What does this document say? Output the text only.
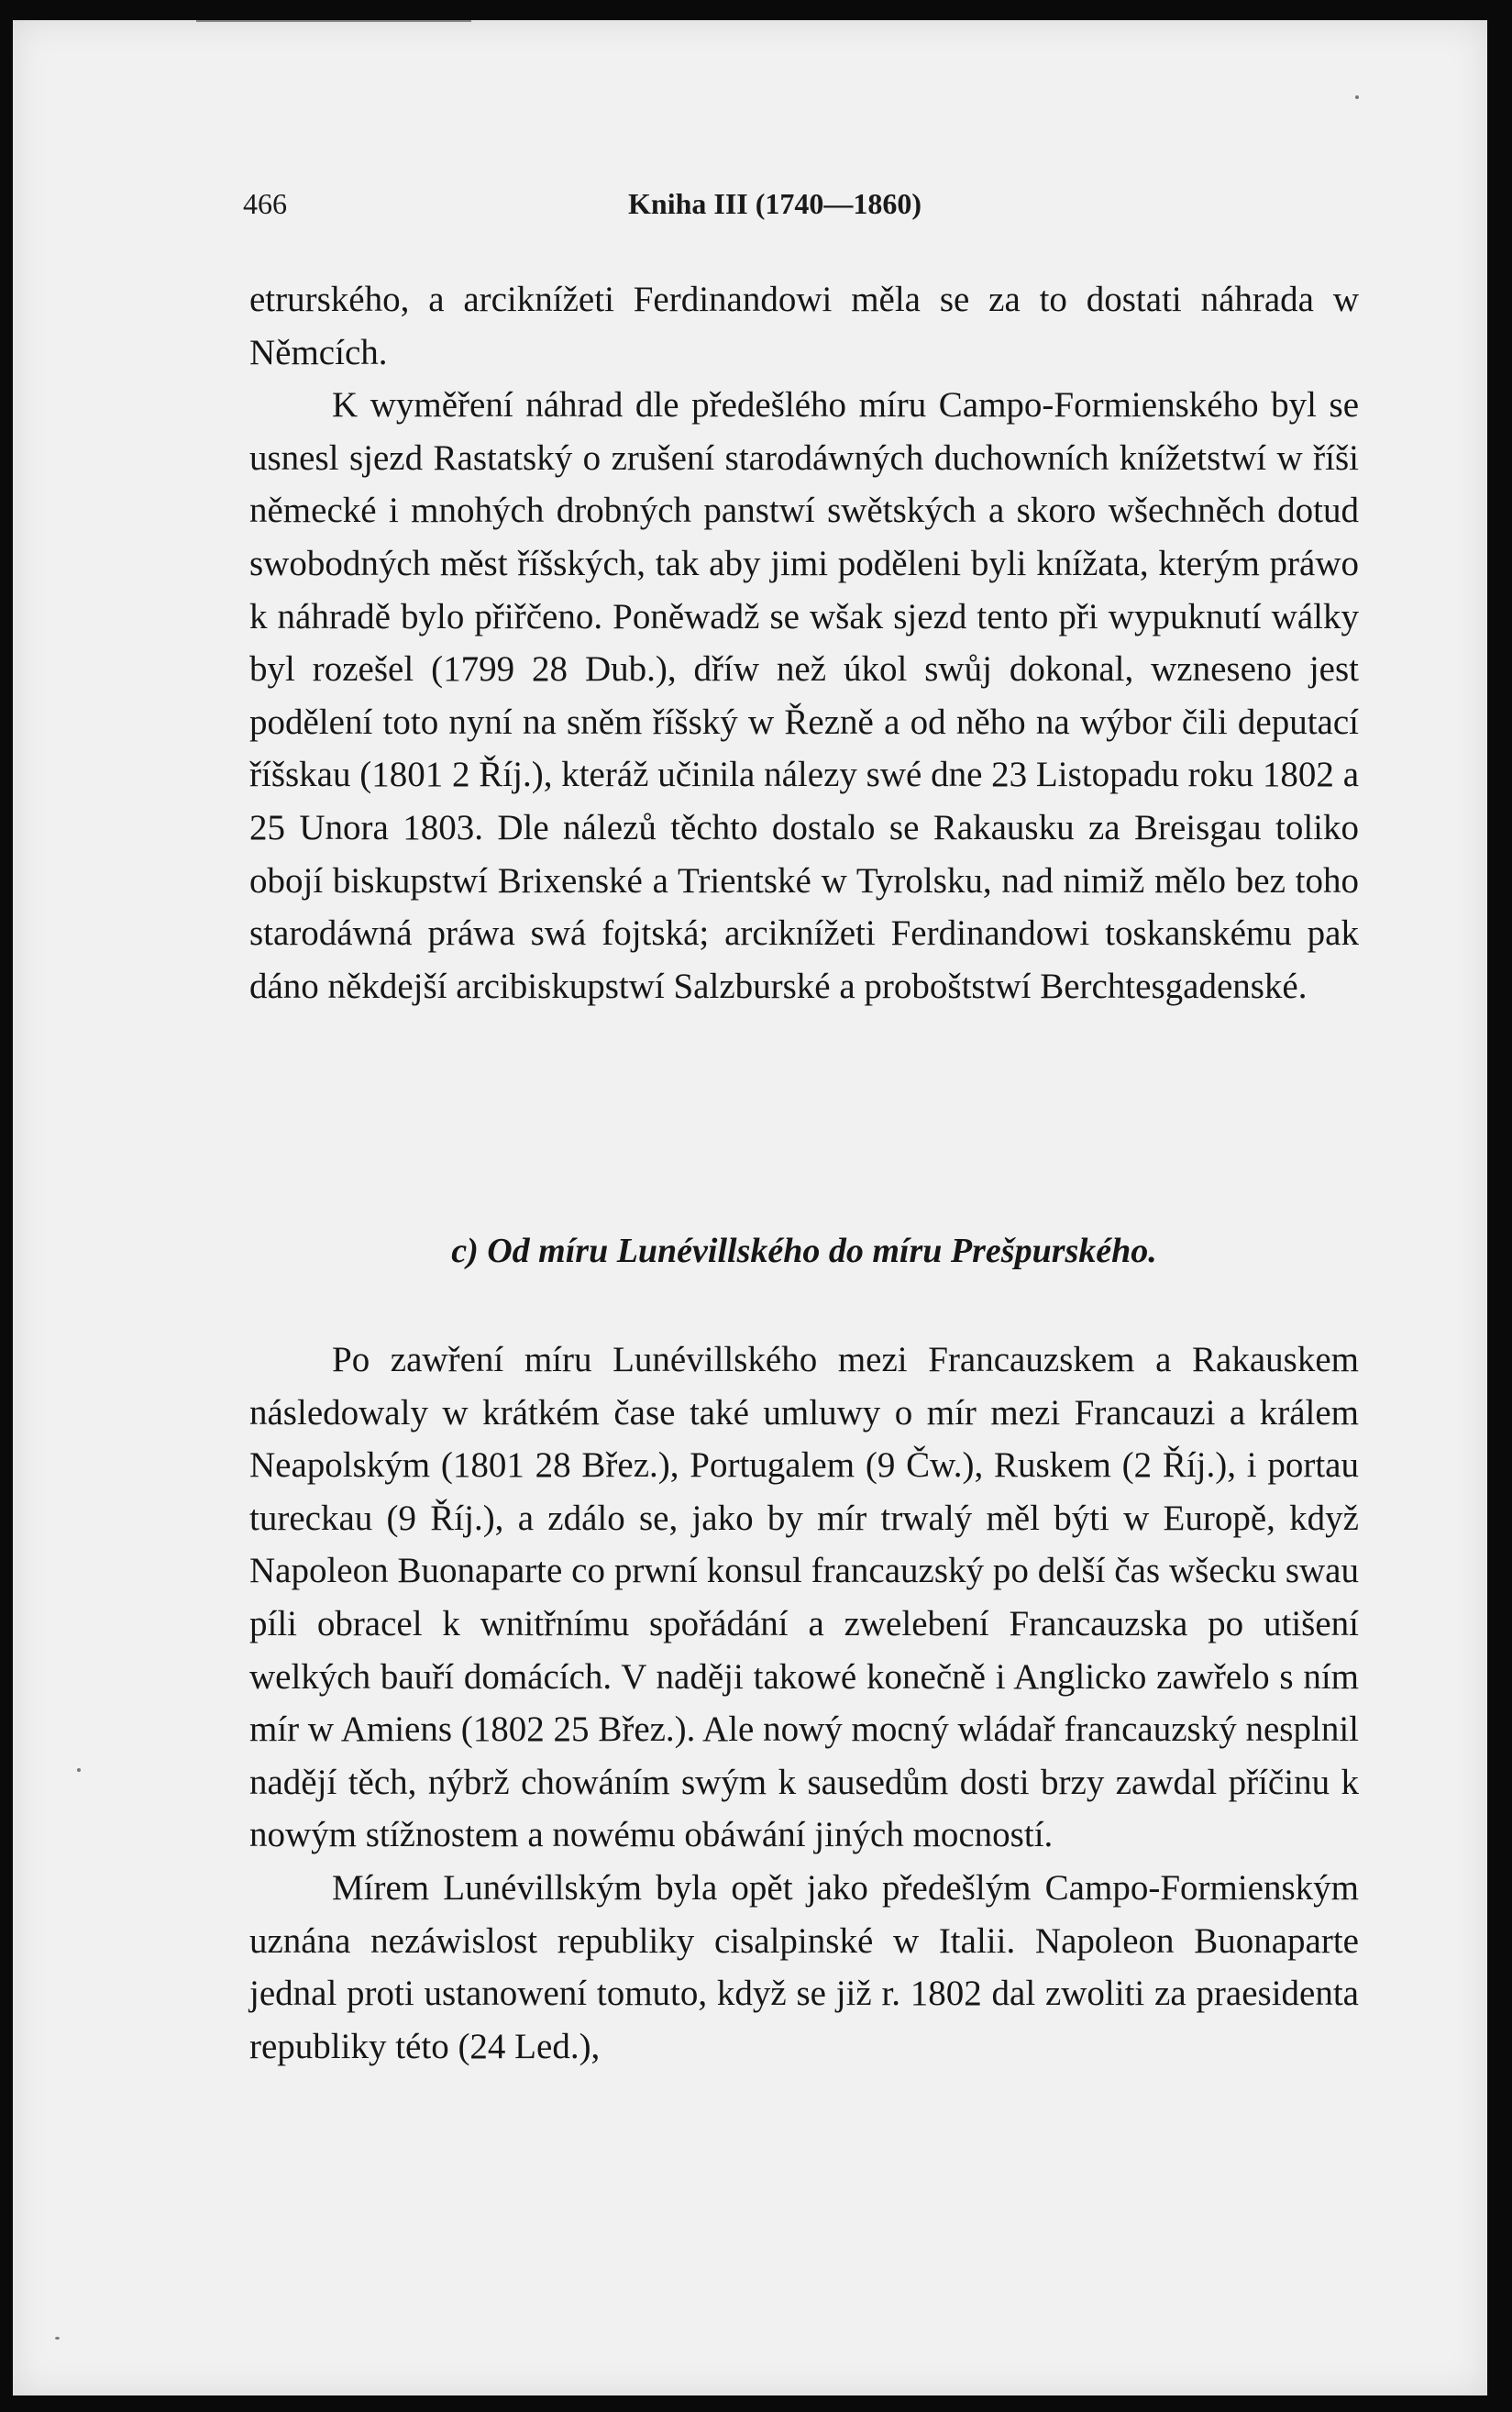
466	Kniha III (1740—1860)

etrurského, a arciknížeti Ferdinandowi měla se za to dostati náhrada w Němcích.

K wyměření náhrad dle předešlého míru Campo-Formienského byl se usnesl sjezd Rastatský o zrušení starodáwných duchowních knížetstwí w říši německé i mnohých drobných panstwí swětských a skoro wšechněch dotud swobodných měst říšských, tak aby jimi poděleni byli knížata, kterým práwo k náhradě bylo přiřčeno. Poněwadž se wšak sjezd tento při wypuknutí wálky byl rozešel (1799 28 Dub.), dříw než úkol swůj dokonal, wzneseno jest podělení toto nyní na sněm říšský w Řezně a od něho na wýbor čili deputací říšskau (1801 2 Říj.), kteráž učinila nálezy swé dne 23 Listopadu roku 1802 a 25 Unora 1803. Dle nálezů těchto dostalo se Rakausku za Breisgau toliko obojí biskupstwí Brixenské a Trientské w Tyrolsku, nad nimiž mělo bez toho starodáwná práwa swá fojtská; arciknížeti Ferdinandowi toskanskému pak dáno někdejší arcibiskupstwí Salzburské a proboštstwí Berchtesgadenské.

c) Od míru Lunévillského do míru Prešpurského.

Po zawření míru Lunévillského mezi Francauzskem a Rakauskem následowaly w krátkém čase také umluwy o mír mezi Francauzi a králem Neapolským (1801 28 Břez.), Portugalem (9 Čw.), Ruskem (2 Říj.), i portau tureckau (9 Říj.), a zdálo se, jako by mír trwalý měl býti w Europě, když Napoleon Buonaparte co prwní konsul francauzský po delší čas wšecku swau píli obracel k wnitřnímu spořádání a zwelebení Francauzska po utišení welkých bauří domácích. V naději takowé konečně i Anglicko zawřelo s ním mír w Amiens (1802 25 Břez.). Ale nowý mocný wládař francauzský nesplnil nadějí těch, nýbrž chowáním swým k sausedům dosti brzy zawdal příčinu k nowým stížnostem a nowému obáwání jiných mocností.

Mírem Lunévillským byla opět jako předešlým Campo-Formienským uznána nezáwislost republiky cisalpinské w Italii. Napoleon Buonaparte jednal proti ustanowení tomuto, když se již r. 1802 dal zwoliti za praesidenta republiky této (24 Led.),
